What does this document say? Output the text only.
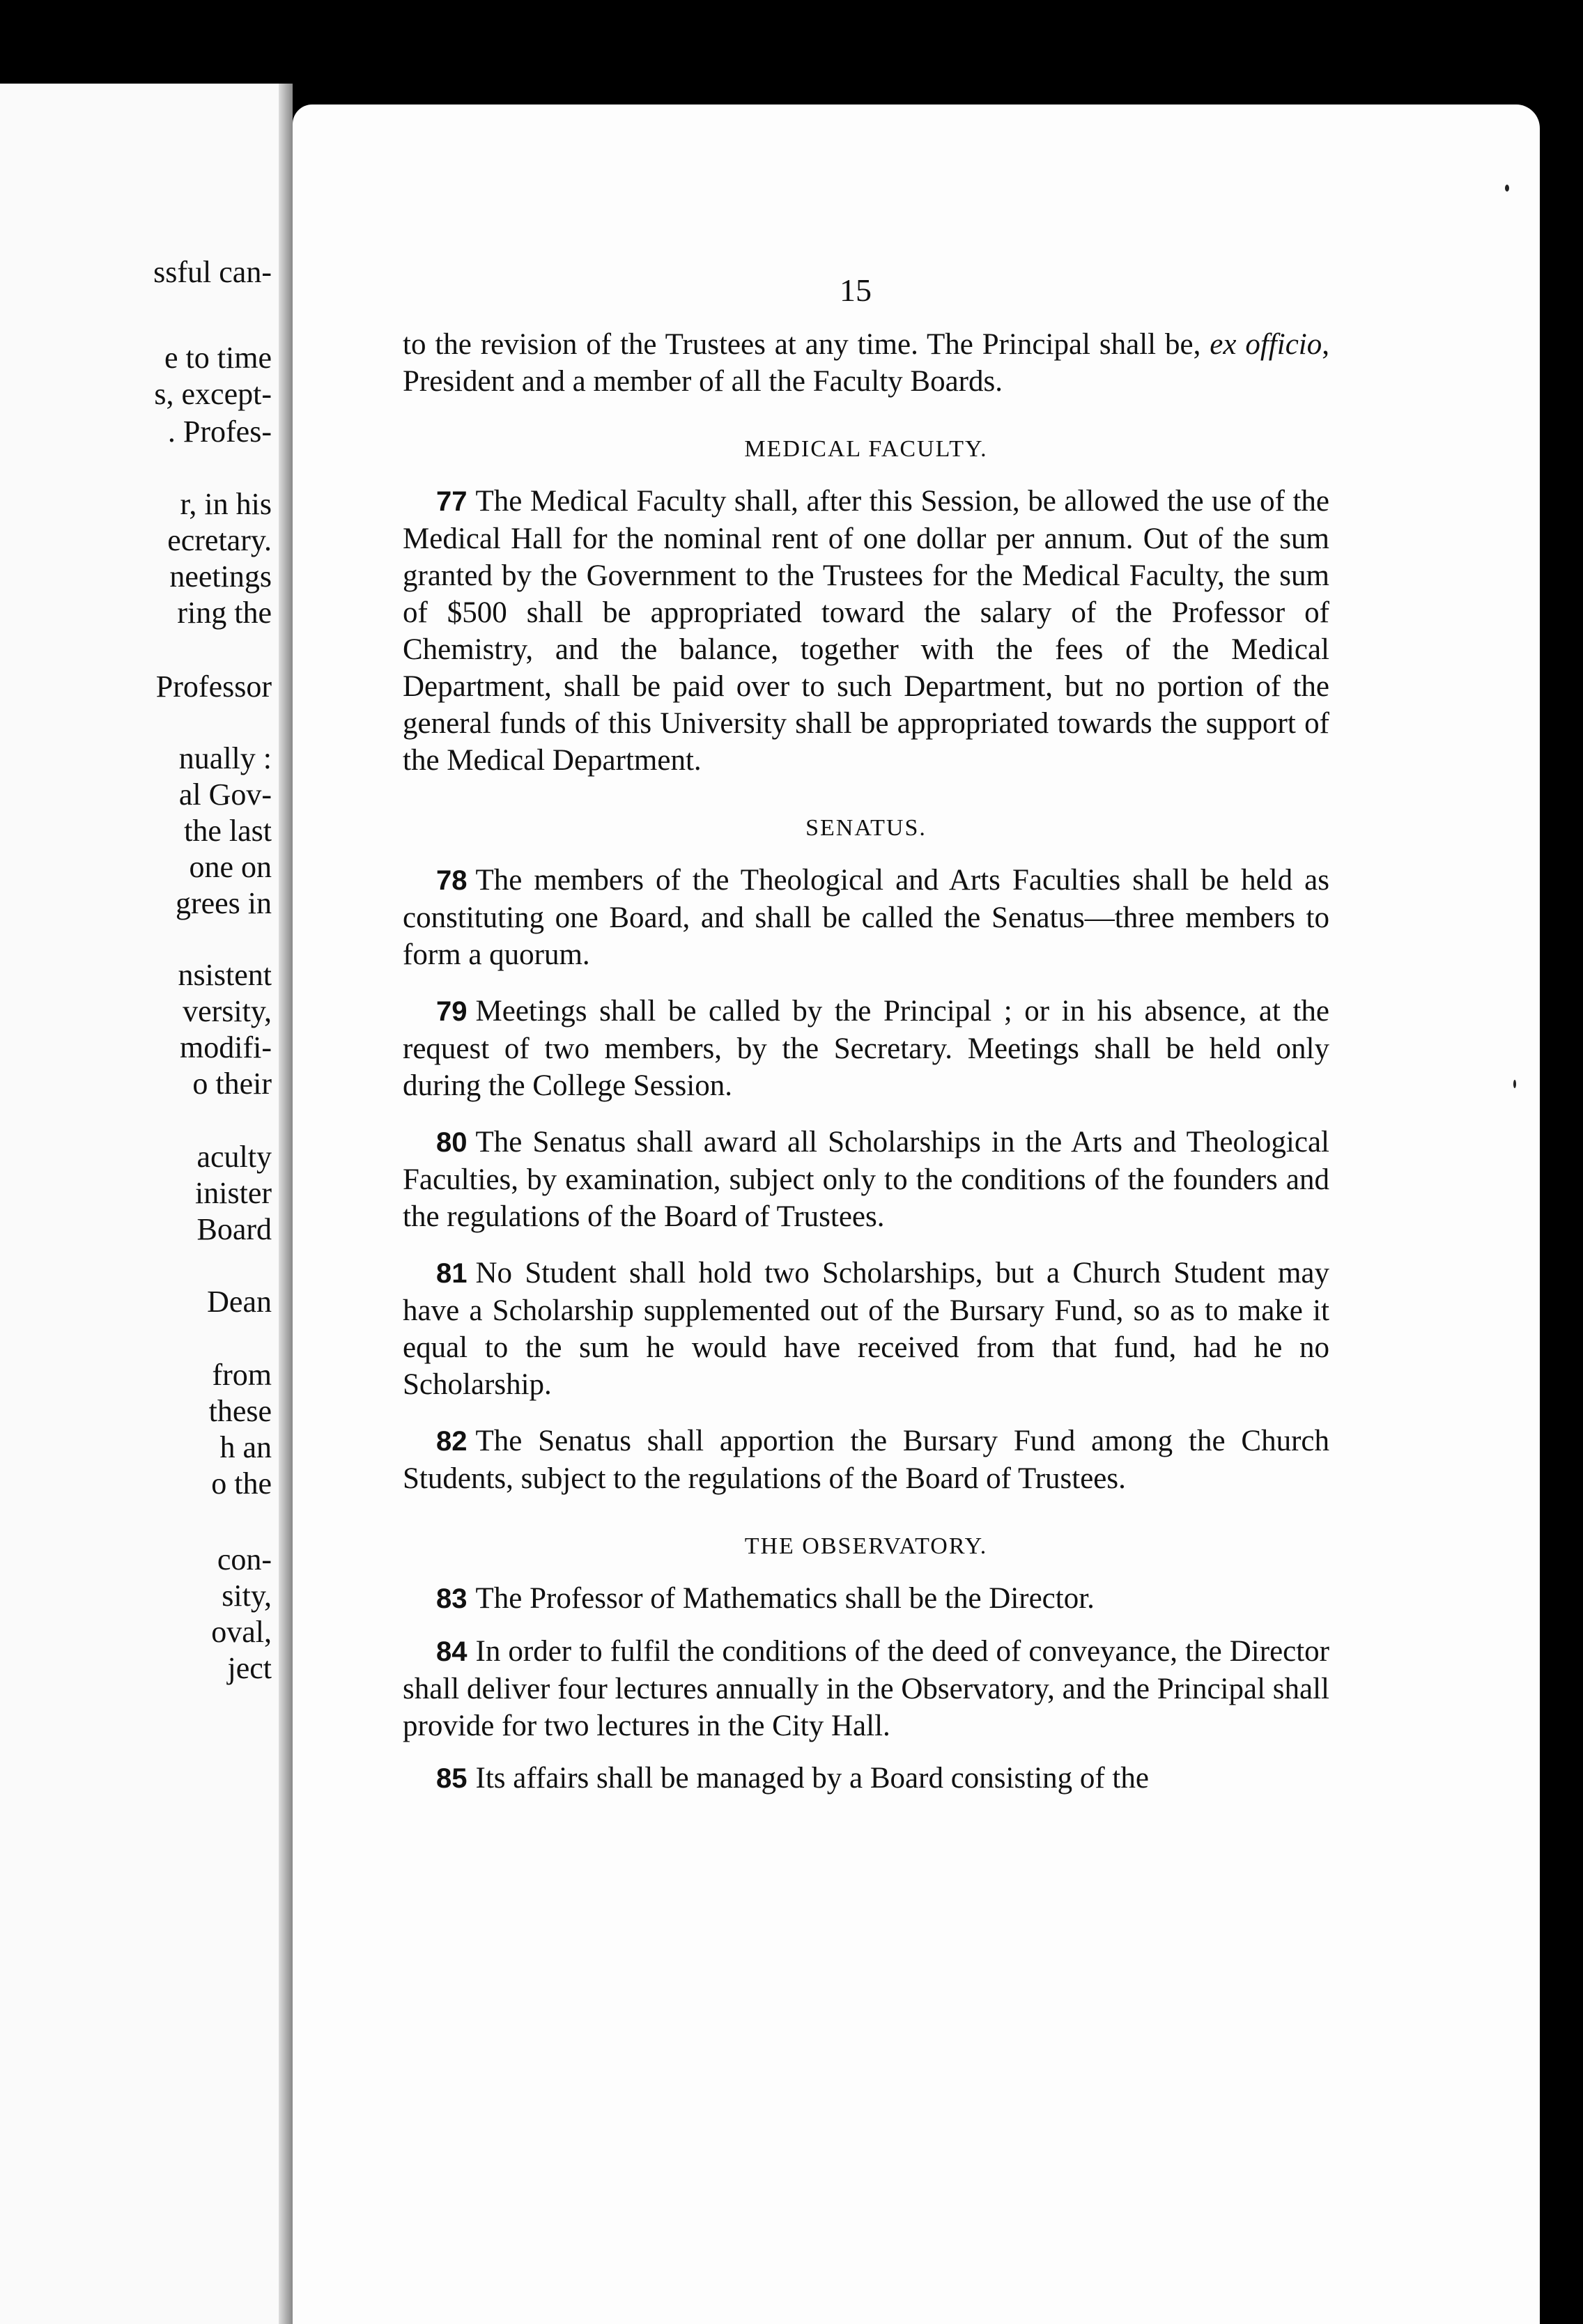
ssful can-
e to time
s, except-
. Profes-
r, in his
ecretary.
neetings
ring the
Professor
nually :
al Gov-
the last
one on
grees in
nsistent
versity,
modifi-
o their
aculty
inister
Board
Dean
from
these
h an
o the
con-
sity,
oval,
ject
15

to the revision of the Trustees at any time. The Principal shall be, ex officio, President and a member of all the Faculty Boards.

MEDICAL FACULTY.

77 The Medical Faculty shall, after this Session, be allowed the use of the Medical Hall for the nominal rent of one dollar per annum. Out of the sum granted by the Government to the Trustees for the Medical Faculty, the sum of $500 shall be appropriated toward the salary of the Professor of Chemistry, and the balance, together with the fees of the Medical Department, shall be paid over to such Department, but no portion of the general funds of this University shall be appropriated towards the support of the Medical Department.

SENATUS.

78 The members of the Theological and Arts Faculties shall be held as constituting one Board, and shall be called the Senatus—three members to form a quorum.

79 Meetings shall be called by the Principal ; or in his absence, at the request of two members, by the Secretary. Meetings shall be held only during the College Session.

80 The Senatus shall award all Scholarships in the Arts and Theological Faculties, by examination, subject only to the conditions of the founders and the regulations of the Board of Trustees.

81 No Student shall hold two Scholarships, but a Church Student may have a Scholarship supplemented out of the Bursary Fund, so as to make it equal to the sum he would have received from that fund, had he no Scholarship.

82 The Senatus shall apportion the Bursary Fund among the Church Students, subject to the regulations of the Board of Trustees.

THE OBSERVATORY.

83 The Professor of Mathematics shall be the Director.

84 In order to fulfil the conditions of the deed of conveyance, the Director shall deliver four lectures annually in the Observatory, and the Principal shall provide for two lectures in the City Hall.

85 Its affairs shall be managed by a Board consisting of the
